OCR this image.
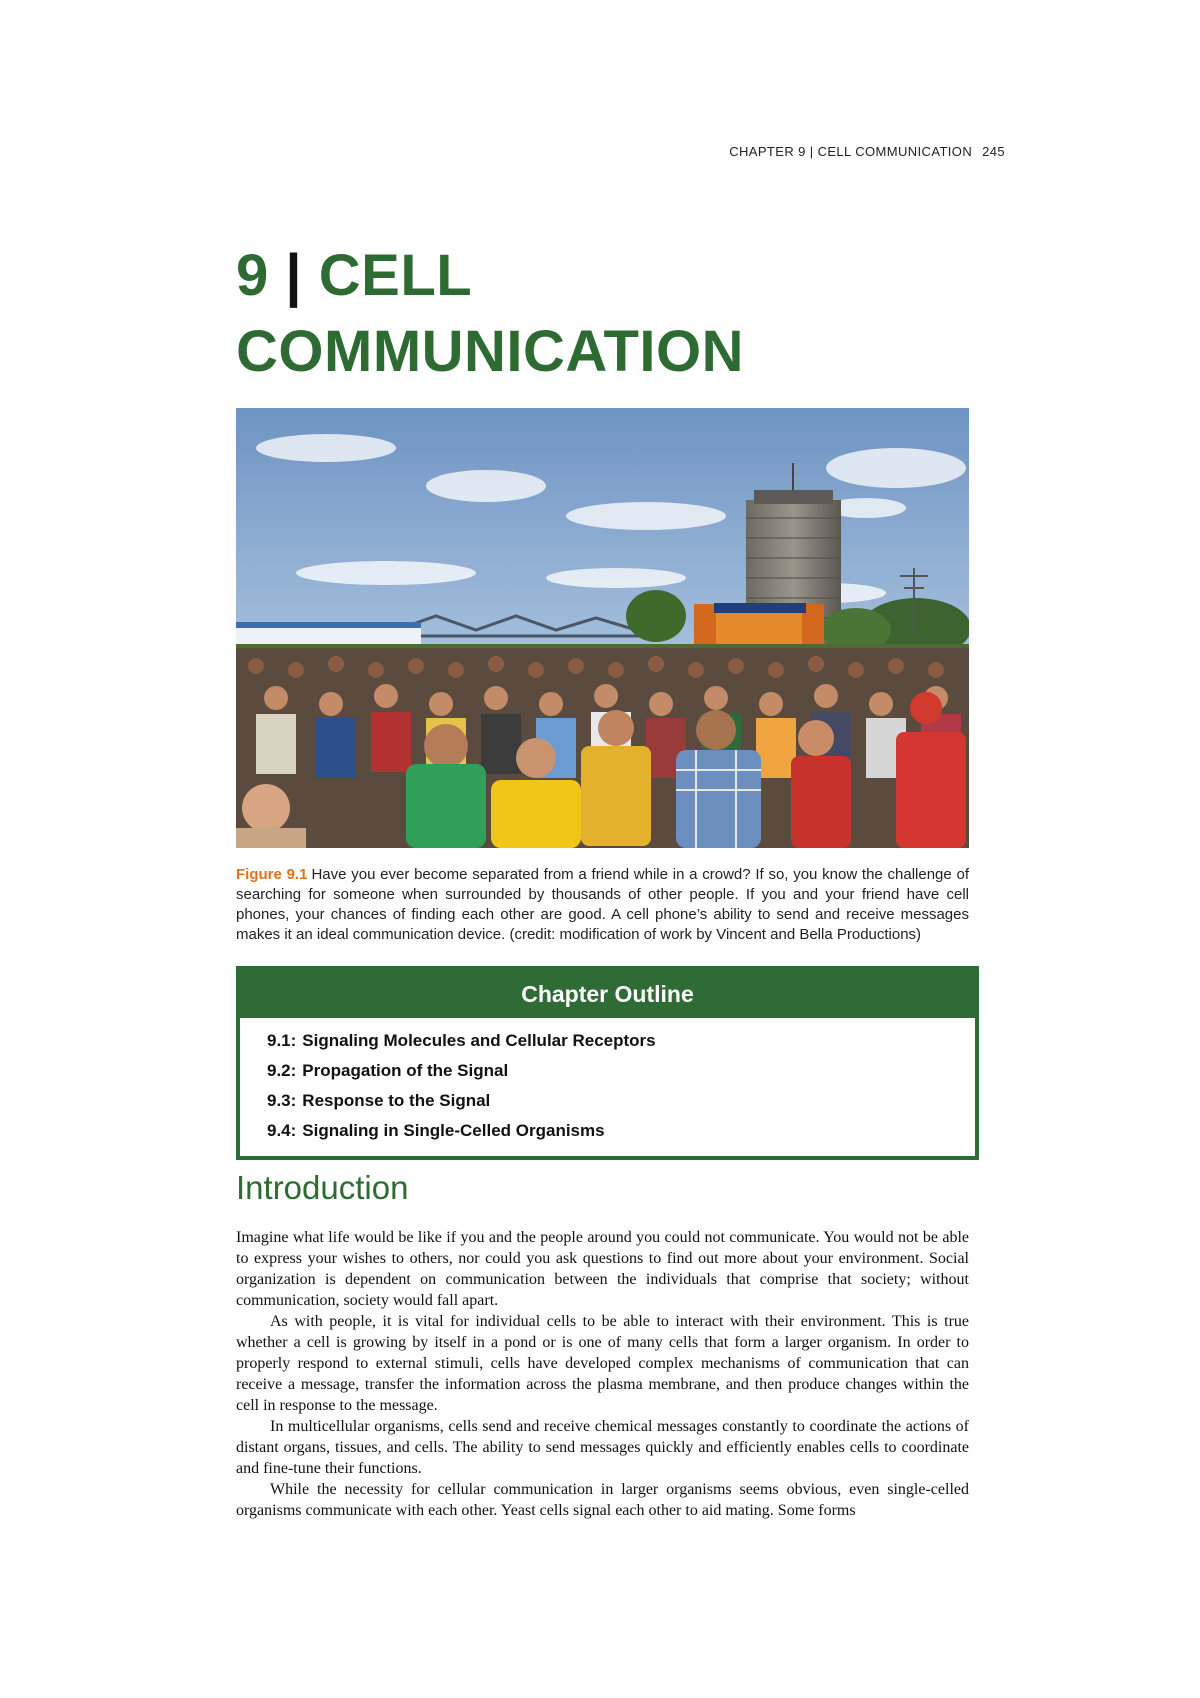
CHAPTER 9 | CELL COMMUNICATION 245
9 | CELL COMMUNICATION

Figure 9.1 Have you ever become separated from a friend while in a crowd? If so, you know the challenge of searching for someone when surrounded by thousands of other people. If you and your friend have cell phones, your chances of finding each other are good. A cell phone’s ability to send and receive messages makes it an ideal communication device. (credit: modification of work by Vincent and Bella Productions)

Chapter Outline
9.1: Signaling Molecules and Cellular Receptors
9.2: Propagation of the Signal
9.3: Response to the Signal
9.4: Signaling in Single-Celled Organisms
Introduction

Imagine what life would be like if you and the people around you could not communicate. You would not be able to express your wishes to others, nor could you ask questions to find out more about your environment. Social organization is dependent on communication between the individuals that comprise that society; without communication, society would fall apart.

As with people, it is vital for individual cells to be able to interact with their environment. This is true whether a cell is growing by itself in a pond or is one of many cells that form a larger organism. In order to properly respond to external stimuli, cells have developed complex mechanisms of communication that can receive a message, transfer the information across the plasma membrane, and then produce changes within the cell in response to the message.

In multicellular organisms, cells send and receive chemical messages constantly to coordinate the actions of distant organs, tissues, and cells. The ability to send messages quickly and efficiently enables cells to coordinate and fine-tune their functions.

While the necessity for cellular communication in larger organisms seems obvious, even single-celled organisms communicate with each other. Yeast cells signal each other to aid mating. Some forms
